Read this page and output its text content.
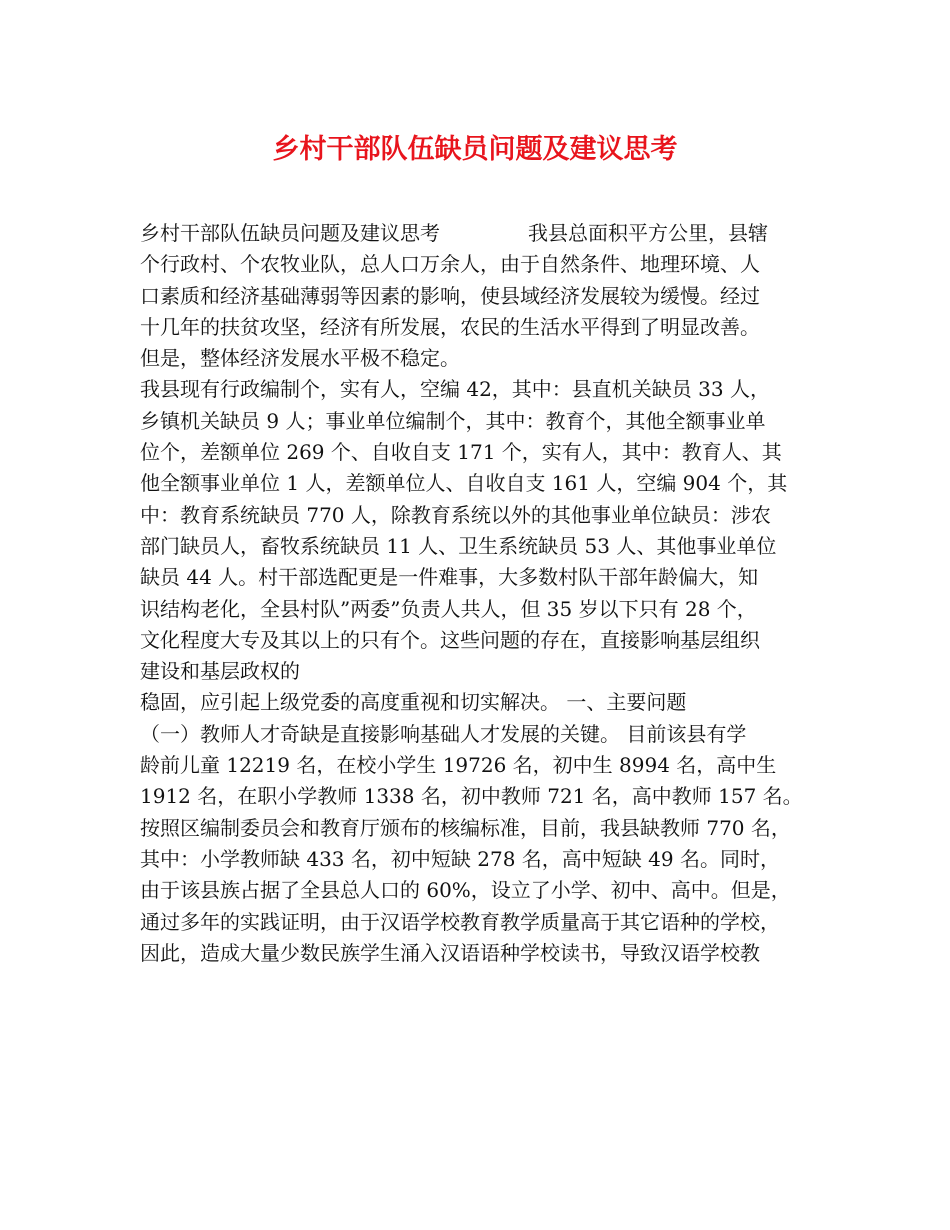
乡村干部队伍缺员问题及建议思考

乡村干部队伍缺员问题及建议思考	我县总面积平方公里，县辖

个行政村、个农牧业队，总人口万余人，由于自然条件、地理环境、人

口素质和经济基础薄弱等因素的影响，使县域经济发展较为缓慢。经过

十几年的扶贫攻坚，经济有所发展，农民的生活水平得到了明显改善。

但是，整体经济发展水平极不稳定。

我县现有行政编制个，实有人，空编 42，其中：县直机关缺员 33 人，

乡镇机关缺员 9 人；事业单位编制个，其中：教育个，其他全额事业单

位个，差额单位 269 个、自收自支 171 个，实有人，其中：教育人、其

他全额事业单位 1 人，差额单位人、自收自支 161 人，空编 904 个，其

中：教育系统缺员 770 人，除教育系统以外的其他事业单位缺员：涉农

部门缺员人，畜牧系统缺员 11 人、卫生系统缺员 53 人、其他事业单位

缺员 44 人。村干部选配更是一件难事，大多数村队干部年龄偏大，知

识结构老化，全县村队”两委”负责人共人，但 35 岁以下只有 28 个，

文化程度大专及其以上的只有个。这些问题的存在，直接影响基层组织

建设和基层政权的

稳固，应引起上级党委的高度重视和切实解决。 一、主要问题

（一）教师人才奇缺是直接影响基础人才发展的关键。 目前该县有学

龄前儿童 12219 名，在校小学生 19726 名，初中生 8994 名，高中生

1912 名，在职小学教师 1338 名，初中教师 721 名，高中教师 157 名。

按照区编制委员会和教育厅颁布的核编标准，目前，我县缺教师 770 名，

其中：小学教师缺 433 名，初中短缺 278 名，高中短缺 49 名。同时，

由于该县族占据了全县总人口的 60%，设立了小学、初中、高中。但是，

通过多年的实践证明，由于汉语学校教育教学质量高于其它语种的学校，

因此，造成大量少数民族学生涌入汉语语种学校读书，导致汉语学校教
